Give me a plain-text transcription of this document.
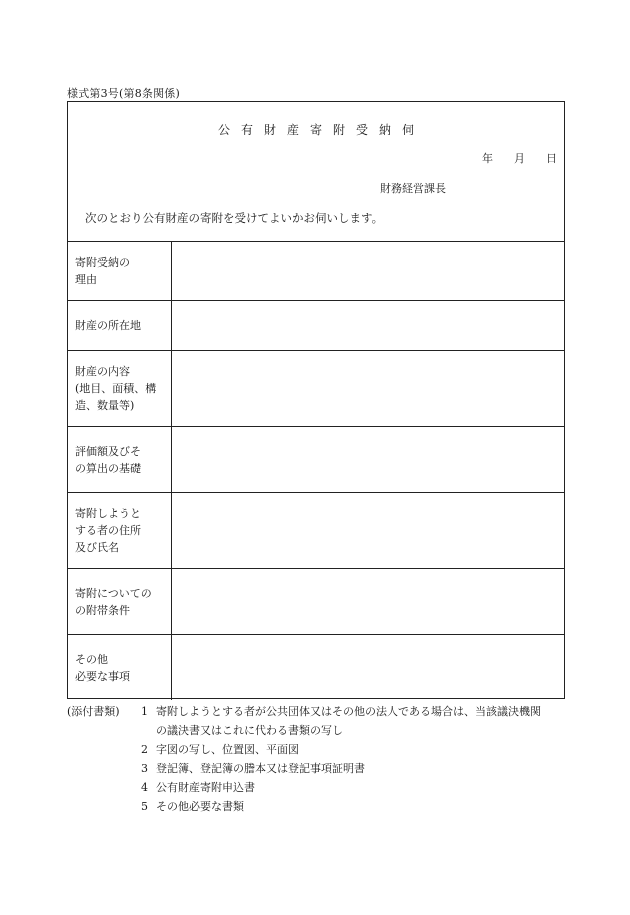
様式第3号(第8条関係)
公有財産寄附受納伺
年	月	日
財務経営課長
次のとおり公有財産の寄附を受けてよいかお伺いします。
寄附受納の
理由
財産の所在地
財産の内容
(地目、面積、構
造、数量等)
評価額及びそ
の算出の基礎
寄附しようと
する者の住所
及び氏名
寄附についての
の附帯条件
その他
必要な事項
(添付書類) 1 寄附しようとする者が公共団体又はその他の法人である場合は、当該議決機関
の議決書又はこれに代わる書類の写し
2 字図の写し、位置図、平面図
3 登記簿、登記簿の謄本又は登記事項証明書
4 公有財産寄附申込書
5 その他必要な書類
